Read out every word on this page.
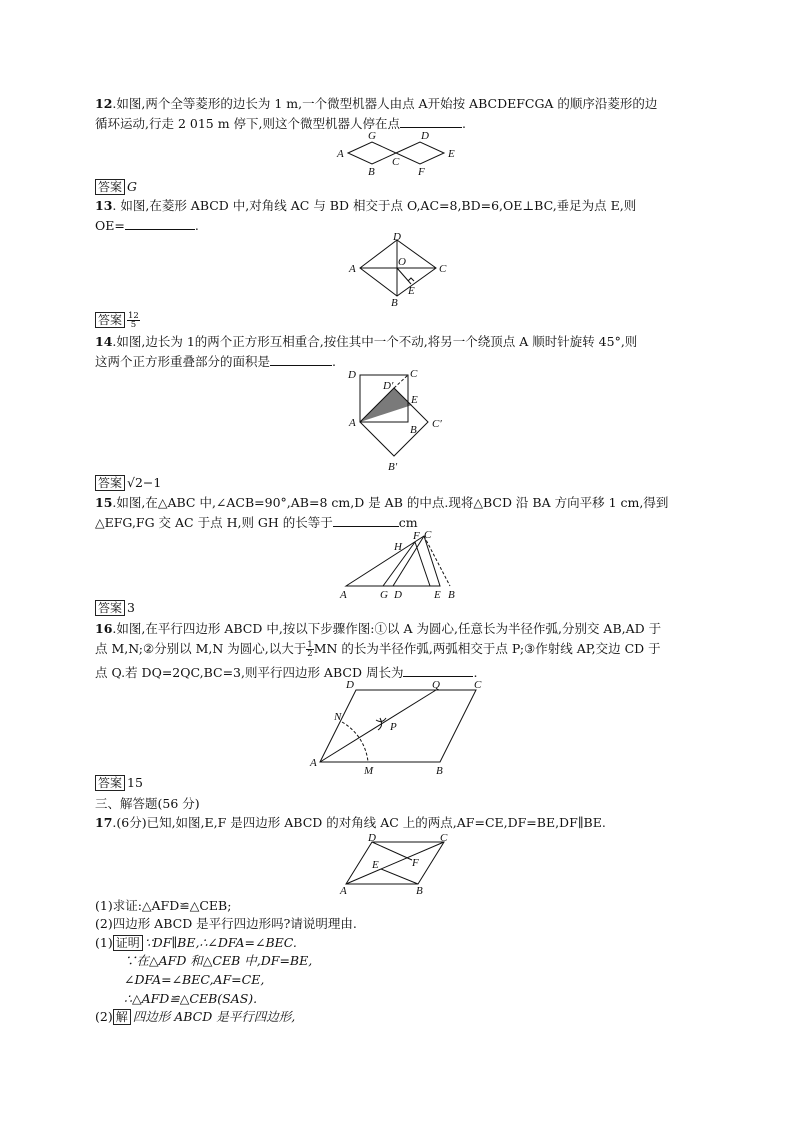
12.如图,两个全等菱形的边长为 1 m,一个微型机器人由点 A开始按 ABCDEFCGA 的顺序沿菱形的边
循环运动,行走 2 015 m 停下,则这个微型机器人停在点	.
A
G	D
E
C
B	F
答案 G
13. 如图,在菱形 ABCD 中,对角线 AC 与 BD 相交于点 O,AC=8,BD=6,OE⊥BC,垂足为点 E,则
OE=	.
D
A
O
C
E
B
答案 $\frac{12}{5}$
14.如图,边长为 1的两个正方形互相重合,按住其中一个不动,将另一个绕顶点 A 顺时针旋转 45°,则
这两个正方形重叠部分的面积是	.
D
D′
C
E
A
B C′
B′
答案 √2−1
15.如图,在△ABC 中,∠ACB=90°,AB=8 cm,D 是 AB 的中点.现将△BCD 沿 BA 方向平移 1 cm,得到
△EFG,FG 交 AC 于点 H,则 GH 的长等于	cm
H
F C
A	G D	E B
答案 3
16.如图,在平行四边形 ABCD 中,按以下步骤作图:①以 A 为圆心,任意长为半径作弧,分别交 AB,AD 于
点 M,N;②分别以 M,N 为圆心,以大于 $\frac{1}{2}$ MN 的长为半径作弧,两弧相交于点 P;③作射线 AP,交边 CD 于
点 Q.若 DQ=2QC,BC=3,则平行四边形 ABCD 周长为	.
D	Q	C
N
P
A
M	B
答案 15
三、解答题(56 分)
17.(6分)已知,如图,E,F 是四边形 ABCD 的对角线 AC 上的两点,AF=CE,DF=BE,DF∥BE.
D	C
E	F
A	B
(1)求证:△AFD≌△CEB;
(2)四边形 ABCD 是平行四边形吗?请说明理由.
(1) 证明 ∵DF∥BE,∴∠DFA=∠BEC.
∵在△AFD 和△CEB 中,DF=BE,
∠DFA=∠BEC,AF=CE,
∴△AFD≌△CEB(SAS).
(2) 解 四边形 ABCD 是平行四边形,
